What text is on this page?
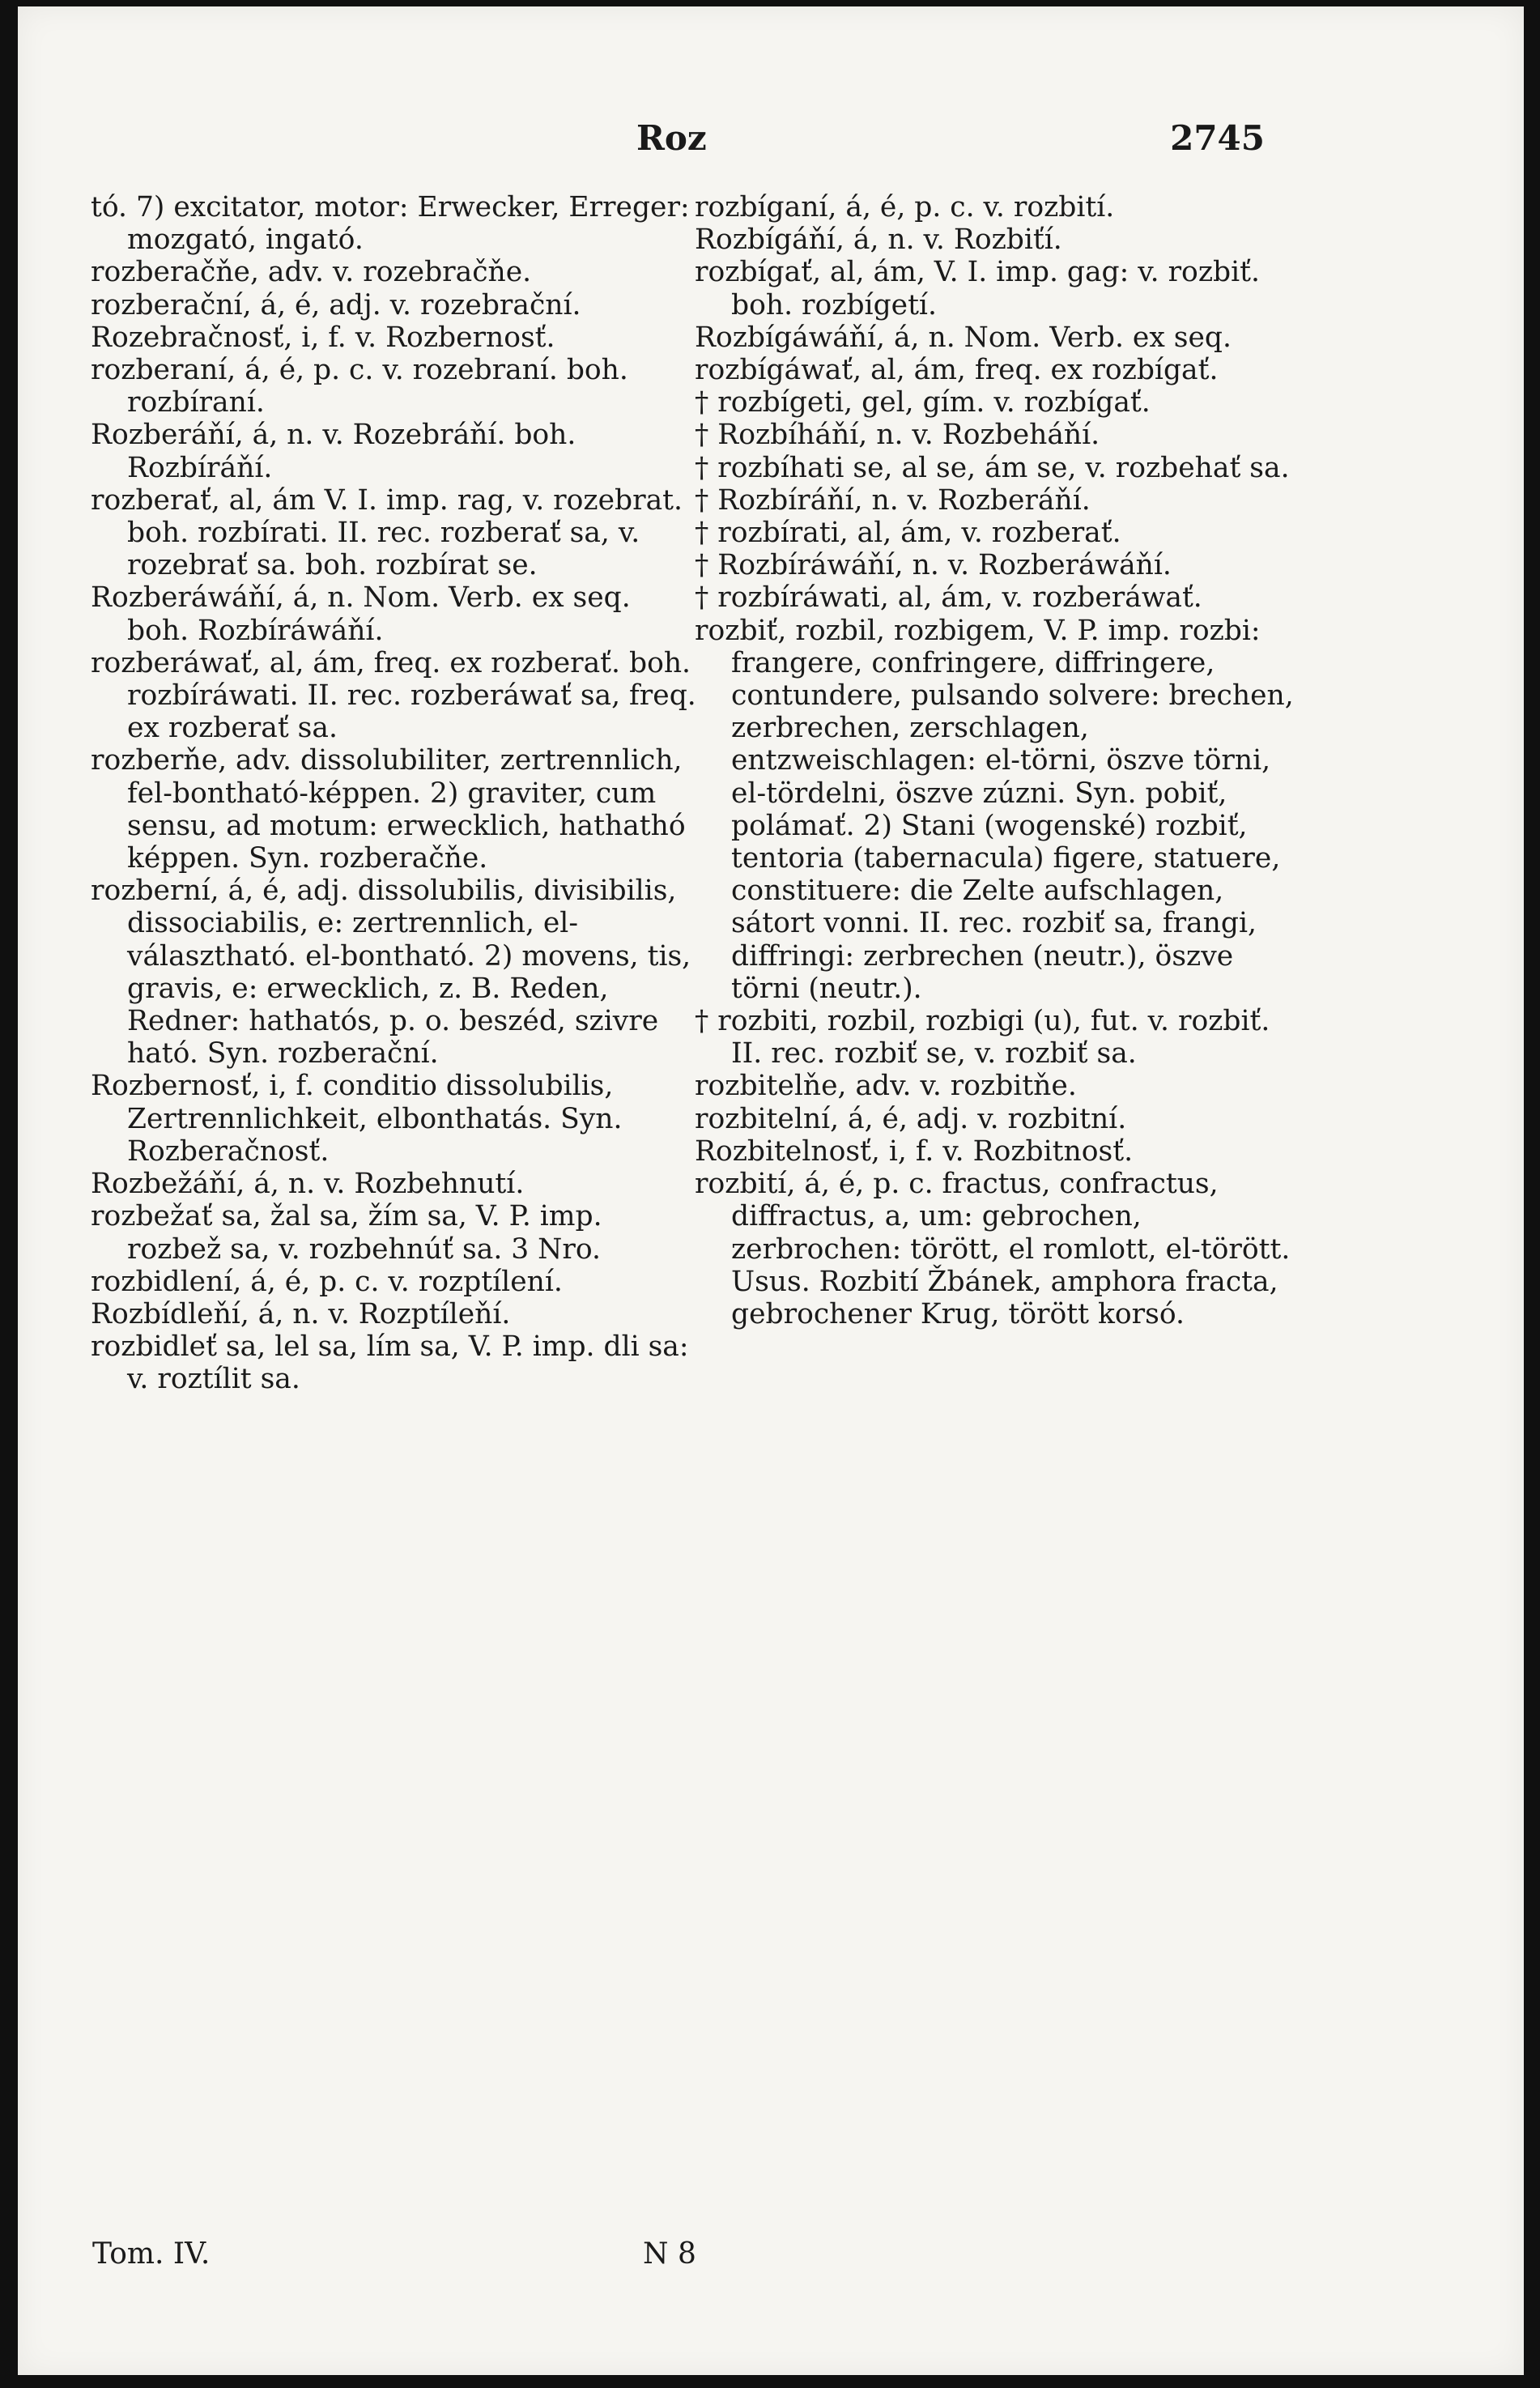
Roz	2745

tó. 7) excitator, motor: Erwecker, Erreger: mozgató, ingató.

rozberačňe, adv. v. rozebračňe.

rozberační, á, é, adj. v. rozebrační.

Rozebračnosť, i, f. v. Rozbernosť.

rozberaní, á, é, p. c. v. rozebraní. boh. rozbíraní.

Rozberáňí, á, n. v. Rozebráňí. boh. Rozbíráňí.

rozberať, al, ám V. I. imp. rag, v. rozebrat. boh. rozbírati. II. rec. rozberať sa, v. rozebrať sa. boh. rozbírat se.

Rozberáwáňí, á, n. Nom. Verb. ex seq. boh. Rozbíráwáňí.

rozberáwať, al, ám, freq. ex rozberať. boh. rozbíráwati. II. rec. rozberáwať sa, freq. ex rozberať sa.

rozberňe, adv. dissolubiliter, zertrennlich, fel-bontható-képpen. 2) graviter, cum sensu, ad motum: erwecklich, hathathó képpen. Syn. rozberačňe.

rozberní, á, é, adj. dissolubilis, divisibilis, dissociabilis, e: zertrennlich, el-választható. el-bontható. 2) movens, tis, gravis, e: erwecklich, z. B. Reden, Redner: hathatós, p. o. beszéd, szivre ható. Syn. rozberační.

Rozbernosť, i, f. conditio dissolubilis, Zertrennlichkeit, elbonthatás. Syn. Rozberačnosť.

Rozbežáňí, á, n. v. Rozbehnutí.

rozbežať sa, žal sa, žím sa, V. P. imp. rozbež sa, v. rozbehnúť sa. 3 Nro.

rozbidlení, á, é, p. c. v. rozptílení.

Rozbídleňí, á, n. v. Rozptíleňí.

rozbidleť sa, lel sa, lím sa, V. P. imp. dli sa: v. roztílit sa.

rozbíganí, á, é, p. c. v. rozbití.

Rozbígáňí, á, n. v. Rozbiťí.

rozbígať, al, ám, V. I. imp. gag: v. rozbiť. boh. rozbígetí.

Rozbígáwáňí, á, n. Nom. Verb. ex seq.

rozbígáwať, al, ám, freq. ex rozbígať.

† rozbígeti, gel, gím. v. rozbígať.

† Rozbíháňí, n. v. Rozbeháňí.

† rozbíhati se, al se, ám se, v. rozbehať sa.

† Rozbíráňí, n. v. Rozberáňí.

† rozbírati, al, ám, v. rozberať.

† Rozbíráwáňí, n. v. Rozberáwáňí.

† rozbíráwati, al, ám, v. rozberáwať.

rozbiť, rozbil, rozbigem, V. P. imp. rozbi: frangere, confringere, diffringere, contundere, pulsando solvere: brechen, zerbrechen, zerschlagen, entzweischlagen: el-törni, öszve törni, el-tördelni, öszve zúzni. Syn. pobiť, polámať. 2) Stani (wogenské) rozbiť, tentoria (tabernacula) figere, statuere, constituere: die Zelte aufschlagen, sátort vonni. II. rec. rozbiť sa, frangi, diffringi: zerbrechen (neutr.), öszve törni (neutr.).

† rozbiti, rozbil, rozbigi (u), fut. v. rozbiť. II. rec. rozbiť se, v. rozbiť sa.

rozbitelňe, adv. v. rozbitňe.

rozbitelní, á, é, adj. v. rozbitní.

Rozbitelnosť, i, f. v. Rozbitnosť.

rozbití, á, é, p. c. fractus, confractus, diffractus, a, um: gebrochen, zerbrochen: törött, el romlott, el-törött. Usus. Rozbití Žbánek, amphora fracta, gebrochener Krug, törött korsó.

Tom. IV.	N 8
